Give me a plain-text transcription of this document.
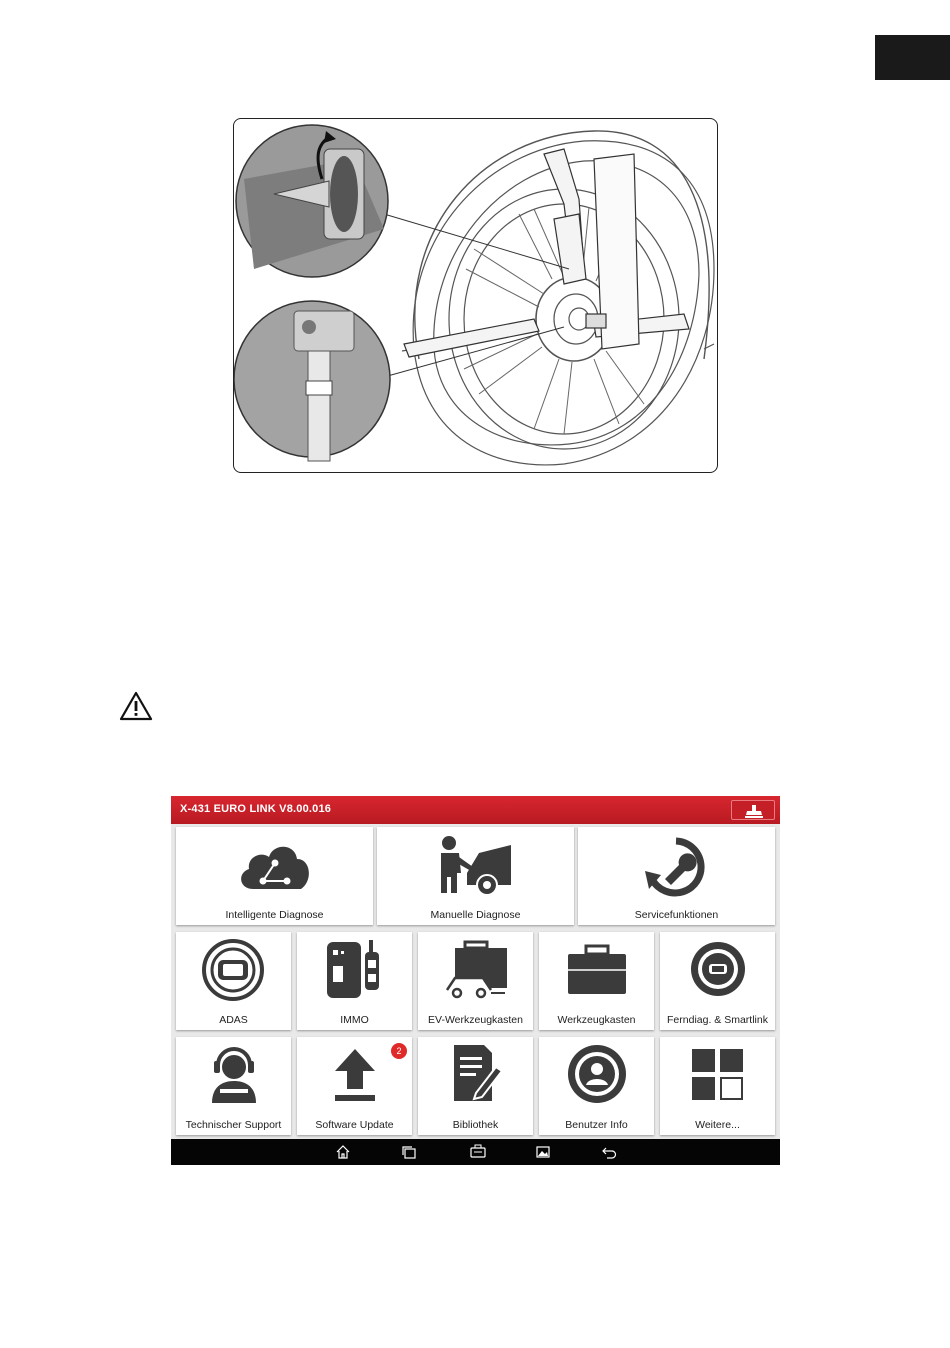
X-431 EURO LINK V8.00.016
Intelligente Diagnose	Manuelle Diagnose	Servicefunktionen
ADAS	IMMO	EV-Werkzeugkasten	Werkzeugkasten	Ferndiag. & Smartlink
Technischer Support
2
Software Update	Bibliothek	Benutzer Info	Weitere...
